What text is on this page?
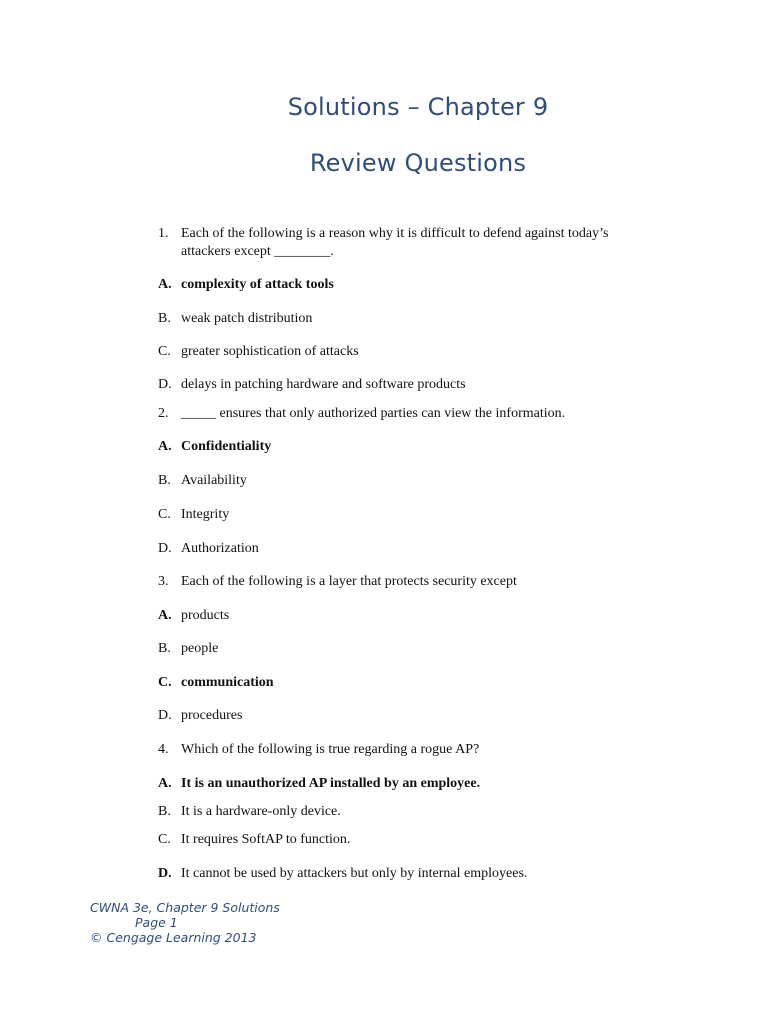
Solutions – Chapter 9
Review Questions
1. Each of the following is a reason why it is difficult to defend against today’s
attackers except ________.
A. complexity of attack tools
B. weak patch distribution
C. greater sophistication of attacks
D. delays in patching hardware and software products
2. _____ ensures that only authorized parties can view the information.
A. Confidentiality
B. Availability
C. Integrity
D. Authorization
3. Each of the following is a layer that protects security except
A. products
B. people
C. communication
D. procedures
4. Which of the following is true regarding a rogue AP?
A. It is an unauthorized AP installed by an employee.
B. It is a hardware-only device.
C. It requires SoftAP to function.
D. It cannot be used by attackers but only by internal employees.
CWNA 3e, Chapter 9 Solutions
Page 1
© Cengage Learning 2013
